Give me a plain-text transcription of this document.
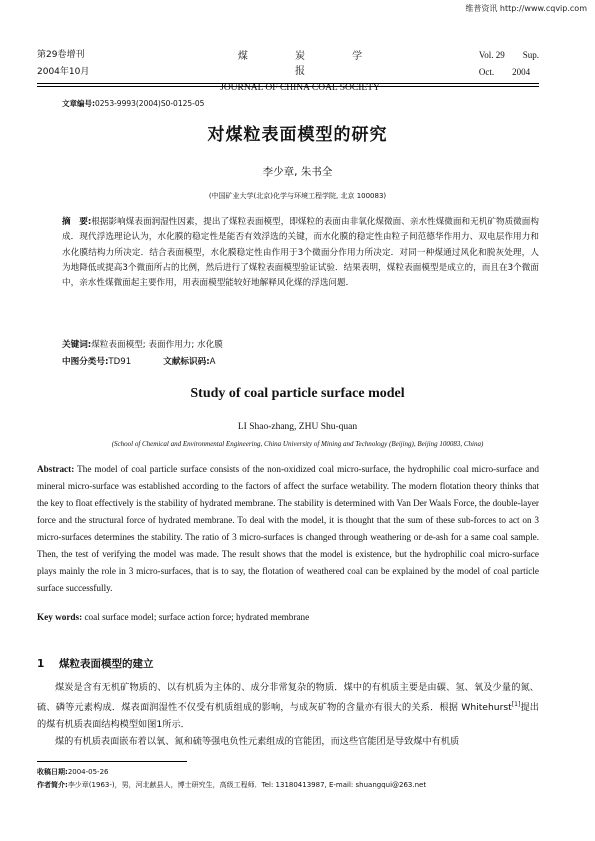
维普资讯 http://www.cqvip.com
第29卷增刊
2004年10月
煤 炭 学 报
JOURNAL OF CHINA COAL SOCIETY
Vol. 29 Sup.
Oct. 2004
文章编号:0253-9993(2004)S0-0125-05
对煤粒表面模型的研究
李少章, 朱书全
(中国矿业大学(北京)化学与环境工程学院, 北京 100083)
摘　要:根据影响煤表面润湿性因素，提出了煤粒表面模型，即煤粒的表面由非氧化煤微面、亲水性煤微面和无机矿物质微面构成．现代浮选理论认为，水化膜的稳定性是能否有效浮选的关键，而水化膜的稳定性由粒子间范德华作用力、双电层作用力和水化膜结构力所决定．结合表面模型，水化膜稳定性由作用于3个微面分作用力所决定．对同一种煤通过风化和脱灰处理，人为地降低或提高3个微面所占的比例，然后进行了煤粒表面模型验证试验．结果表明，煤粒表面模型是成立的，而且在3个微面中，亲水性煤微面起主要作用，用表面模型能较好地解释风化煤的浮选问题．
关键词:煤粒表面模型; 表面作用力; 水化膜
中图分类号:TD91	文献标识码:A
Study of coal particle surface model
LI Shao-zhang, ZHU Shu-quan
(School of Chemical and Environmental Engineering, China University of Mining and Technology (Beijing), Beijing 100083, China)
Abstract: The model of coal particle surface consists of the non-oxidized coal micro-surface, the hydrophilic coal micro-surface and mineral micro-surface was established according to the factors of affect the surface wetability. The modern flotation theory thinks that the key to float effectively is the stability of hydrated membrane. The stability is determined with Van Der Waals Force, the double-layer force and the structural force of hydrated membrane. To deal with the model, it is thought that the sum of these sub-forces to act on 3 micro-surfaces determines the stability. The ratio of 3 micro-surfaces is changed through weathering or de-ash for a same coal sample. Then, the test of verifying the model was made. The result shows that the model is existence, but the hydrophilic coal micro-surface plays mainly the role in 3 micro-surfaces, that is to say, the flotation of weathered coal can be explained by the model of coal particle surface successfully.
Key words: coal surface model; surface action force; hydrated membrane
1 煤粒表面模型的建立

煤炭是含有无机矿物质的、以有机质为主体的、成分非常复杂的物质．煤中的有机质主要是由碳、氢、氧及少量的氮、硫、磷等元素构成．煤表面润湿性不仅受有机质组成的影响，与成灰矿物的含量亦有很大的关系．根据 Whitehurst[1]提出的煤有机质表面结构模型如图1所示．

煤的有机质表面嵌布着以氧、氮和硫等强电负性元素组成的官能团，而这些官能团是导致煤中有机质

收稿日期:2004-05-26
作者简介:李少章(1963-)，男，河北献县人，博士研究生，高级工程师．Tel: 13180413987, E-mail: shuangqui@263.net
